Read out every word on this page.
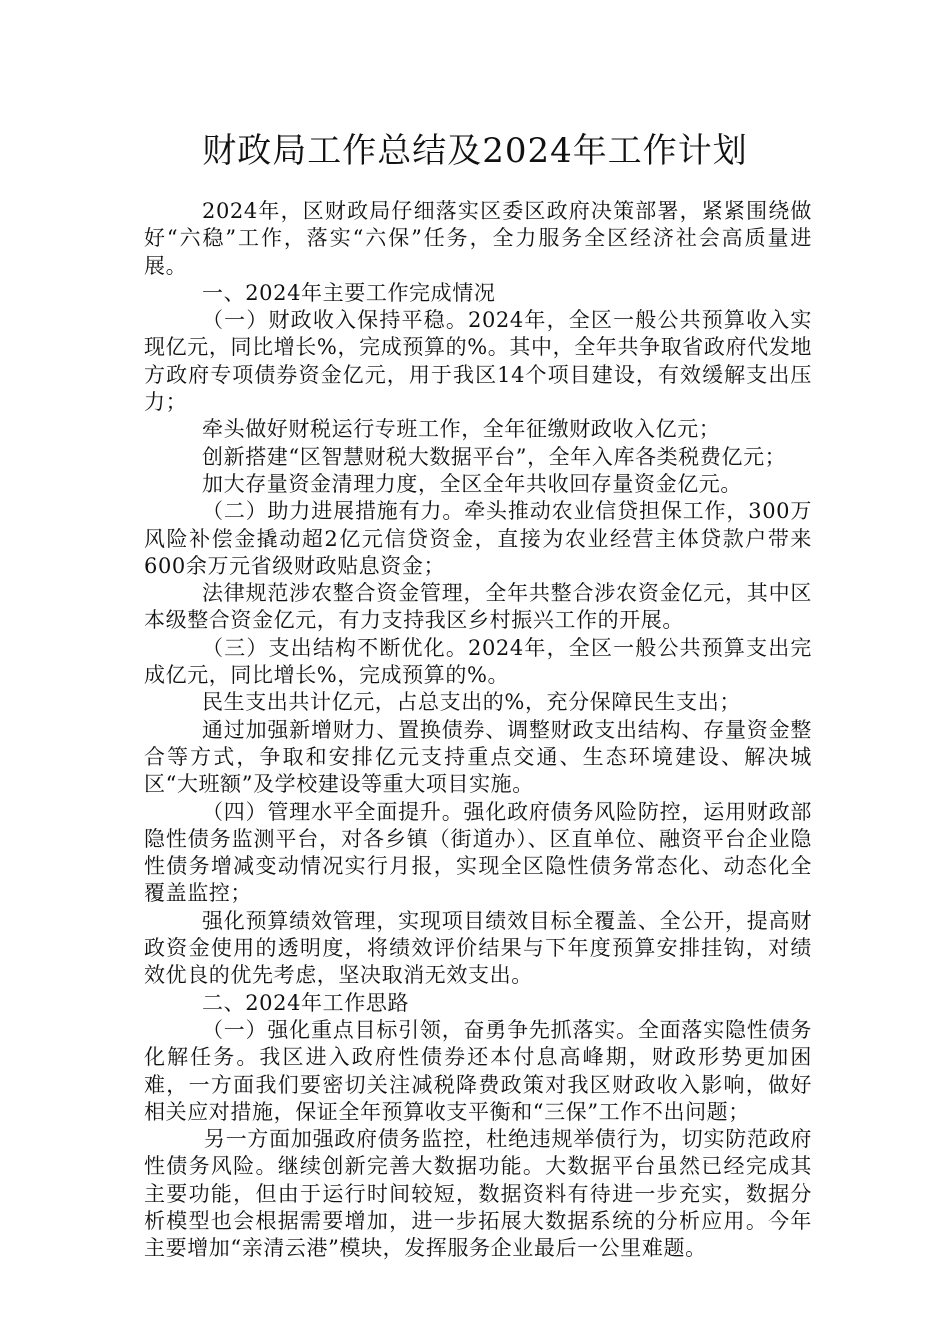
财政局工作总结及2024年工作计划

2024年，区财政局仔细落实区委区政府决策部署，紧紧围绕做好“六稳”工作，落实“六保”任务，全力服务全区经济社会高质量进展。

一、2024年主要工作完成情况

（一）财政收入保持平稳。2024年，全区一般公共预算收入实现亿元，同比增长%，完成预算的%。其中，全年共争取省政府代发地方政府专项债券资金亿元，用于我区14个项目建设，有效缓解支出压力；

牵头做好财税运行专班工作，全年征缴财政收入亿元；

创新搭建“区智慧财税大数据平台”，全年入库各类税费亿元；

加大存量资金清理力度，全区全年共收回存量资金亿元。

（二）助力进展措施有力。牵头推动农业信贷担保工作，300万风险补偿金撬动超2亿元信贷资金，直接为农业经营主体贷款户带来600余万元省级财政贴息资金；

法律规范涉农整合资金管理，全年共整合涉农资金亿元，其中区本级整合资金亿元，有力支持我区乡村振兴工作的开展。

（三）支出结构不断优化。2024年，全区一般公共预算支出完成亿元，同比增长%，完成预算的%。

民生支出共计亿元，占总支出的%，充分保障民生支出；

通过加强新增财力、置换债券、调整财政支出结构、存量资金整合等方式，争取和安排亿元支持重点交通、生态环境建设、解决城区“大班额”及学校建设等重大项目实施。

（四）管理水平全面提升。强化政府债务风险防控，运用财政部隐性债务监测平台，对各乡镇（街道办）、区直单位、融资平台企业隐性债务增减变动情况实行月报，实现全区隐性债务常态化、动态化全覆盖监控；

强化预算绩效管理，实现项目绩效目标全覆盖、全公开，提高财政资金使用的透明度，将绩效评价结果与下年度预算安排挂钩，对绩效优良的优先考虑，坚决取消无效支出。

二、2024年工作思路

（一）强化重点目标引领，奋勇争先抓落实。全面落实隐性债务化解任务。我区进入政府性债券还本付息高峰期，财政形势更加困难，一方面我们要密切关注减税降费政策对我区财政收入影响，做好相关应对措施，保证全年预算收支平衡和“三保”工作不出问题；

另一方面加强政府债务监控，杜绝违规举债行为，切实防范政府性债务风险。继续创新完善大数据功能。大数据平台虽然已经完成其主要功能，但由于运行时间较短，数据资料有待进一步充实，数据分析模型也会根据需要增加，进一步拓展大数据系统的分析应用。今年主要增加“亲清云港”模块，发挥服务企业最后一公里难题。
